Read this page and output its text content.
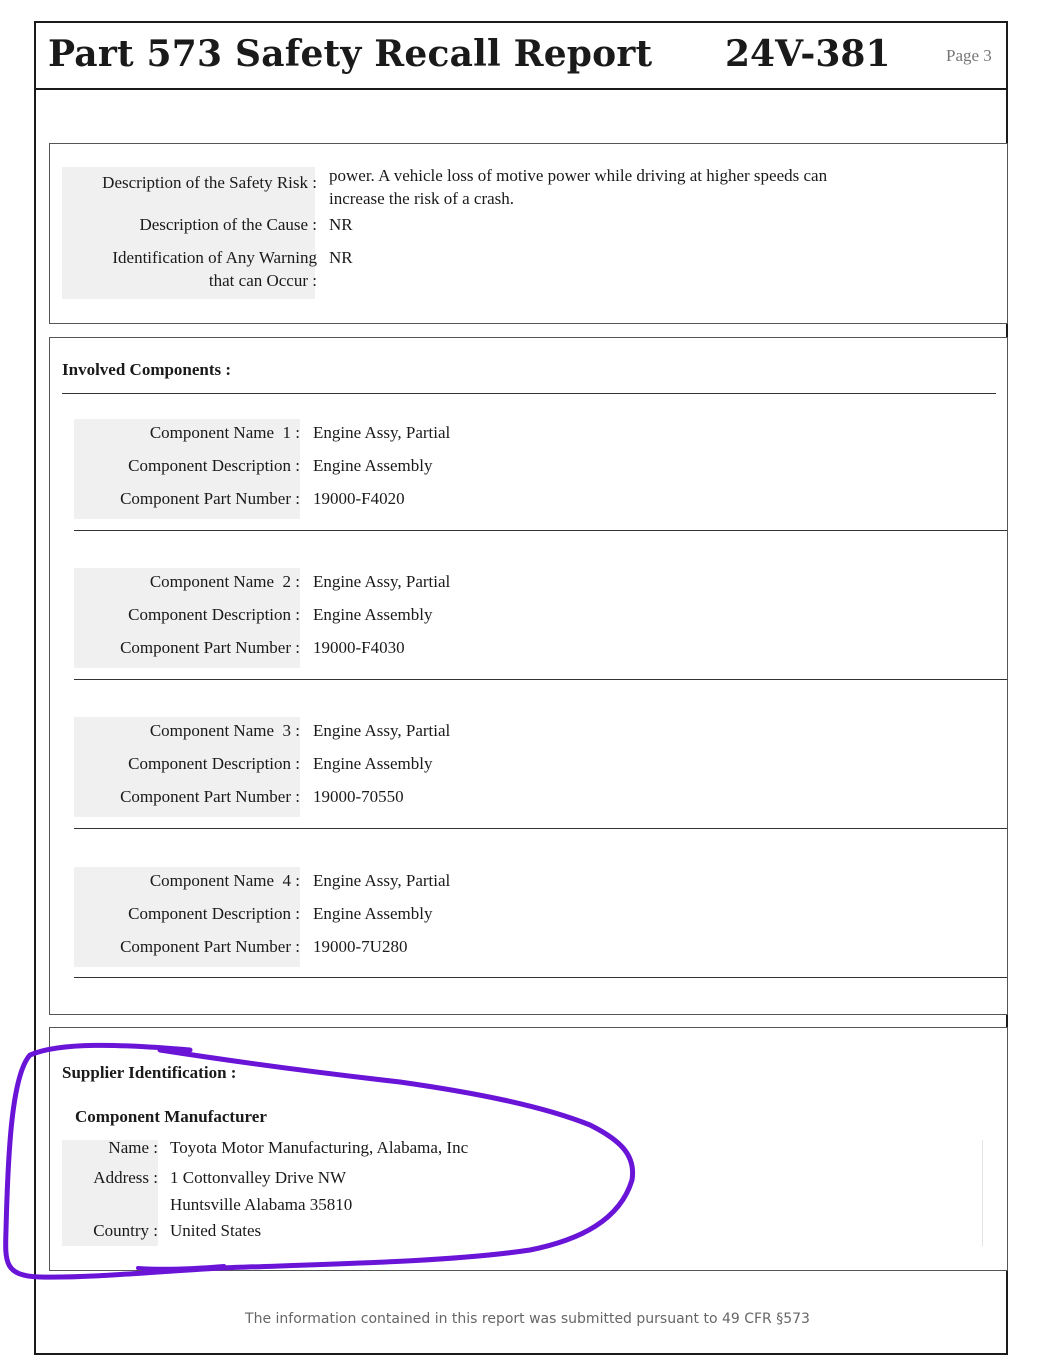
Part 573 Safety Recall Report 24V-381	Page 3
Description of the Safety Risk : power. A vehicle loss of motive power while driving at higher speeds can
increase the risk of a crash.
Description of the Cause : NR
Identification of Any Warning
that can Occur :
NR
Involved Components :
Component Name 1 : Engine Assy, Partial
Component Description : Engine Assembly
Component Part Number : 19000-F4020
Component Name 2 : Engine Assy, Partial
Component Description : Engine Assembly
Component Part Number : 19000-F4030
Component Name 3 : Engine Assy, Partial
Component Description : Engine Assembly
Component Part Number : 19000-70550
Component Name 4 : Engine Assy, Partial
Component Description : Engine Assembly
Component Part Number : 19000-7U280
Supplier Identification :
Component Manufacturer
Name : Toyota Motor Manufacturing, Alabama, Inc
Address : 1 Cottonvalley Drive NW
Huntsville Alabama 35810
Country : United States
The information contained in this report was submitted pursuant to 49 CFR §573
